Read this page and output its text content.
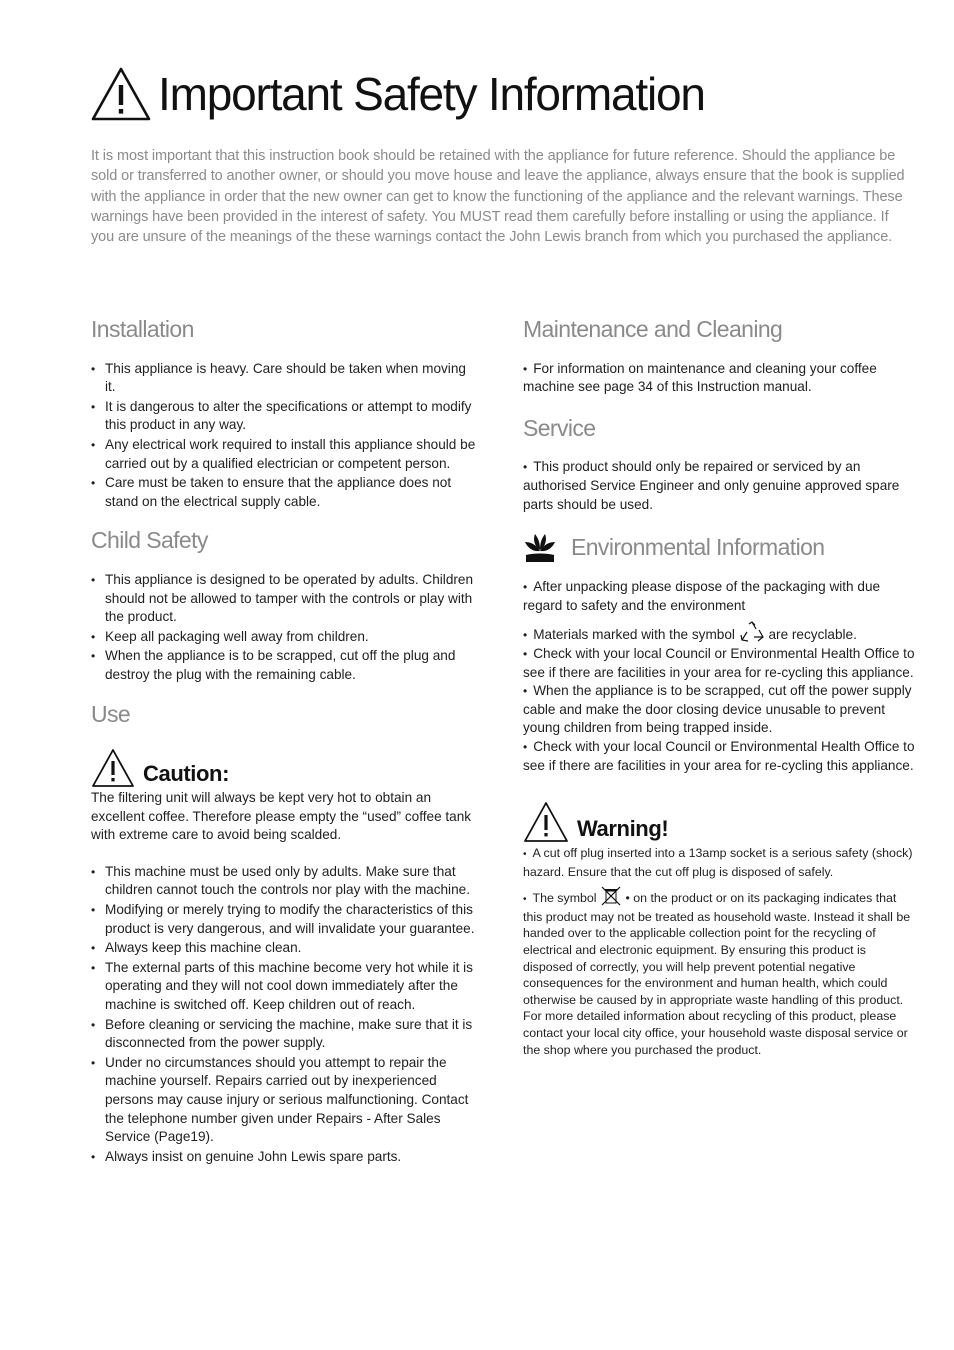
Important Safety Information

It is most important that this instruction book should be retained with the appliance for future reference. Should the appliance be sold or transferred to another owner, or should you move house and leave the appliance, always ensure that the book is supplied with the appliance in order that the new owner can get to know the functioning of the appliance and the relevant warnings. These warnings have been provided in the interest of safety. You MUST read them carefully before installing or using the appliance. If you are unsure of the meanings of the these warnings contact the John Lewis branch from which you purchased the appliance.

Installation
• This appliance is heavy. Care should be taken when moving it.
• It is dangerous to alter the specifications or attempt to modify this product in any way.
• Any electrical work required to install this appliance should be carried out by a qualified electrician or competent person.
• Care must be taken to ensure that the appliance does not stand on the electrical supply cable.
Child Safety
• This appliance is designed to be operated by adults. Children should not be allowed to tamper with the controls or play with the product.
• Keep all packaging well away from children.
• When the appliance is to be scrapped, cut off the plug and destroy the plug with the remaining cable.
Use
Caution:

The filtering unit will always be kept very hot to obtain an excellent coffee. Therefore please empty the “used” coffee tank with extreme care to avoid being scalded.

• This machine must be used only by adults. Make sure that children cannot touch the controls nor play with the machine.
• Modifying or merely trying to modify the characteristics of this product is very dangerous, and will invalidate your guarantee.
• Always keep this machine clean.
• The external parts of this machine become very hot while it is operating and they will not cool down immediately after the machine is switched off. Keep children out of reach.
• Before cleaning or servicing the machine, make sure that it is disconnected from the power supply.
• Under no circumstances should you attempt to repair the machine yourself. Repairs carried out by inexperienced persons may cause injury or serious malfunctioning. Contact the telephone number given under Repairs - After Sales Service (Page19).
• Always insist on genuine John Lewis spare parts.
Maintenance and Cleaning

• For information on maintenance and cleaning your coffee machine see page 34 of this Instruction manual.

Service

• This product should only be repaired or serviced by an authorised Service Engineer and only genuine approved spare parts should be used.

Environmental Information

• After unpacking please dispose of the packaging with due regard to safety and the environment

• Materials marked with the symbol are recyclable.

• Check with your local Council or Environmental Health Office to see if there are facilities in your area for re-cycling this appliance.

• When the appliance is to be scrapped, cut off the power supply cable and make the door closing device unusable to prevent young children from being trapped inside.

• Check with your local Council or Environmental Health Office to see if there are facilities in your area for re-cycling this appliance.

Warning!

• A cut off plug inserted into a 13amp socket is a serious safety (shock) hazard. Ensure that the cut off plug is disposed of safely.

• The symbol • on the product or on its packaging indicates that this product may not be treated as household waste. Instead it shall be handed over to the applicable collection point for the recycling of electrical and electronic equipment. By ensuring this product is disposed of correctly, you will help prevent potential negative consequences for the environment and human health, which could otherwise be caused by in appropriate waste handling of this product. For more detailed information about recycling of this product, please contact your local city office, your household waste disposal service or the shop where you purchased the product.
